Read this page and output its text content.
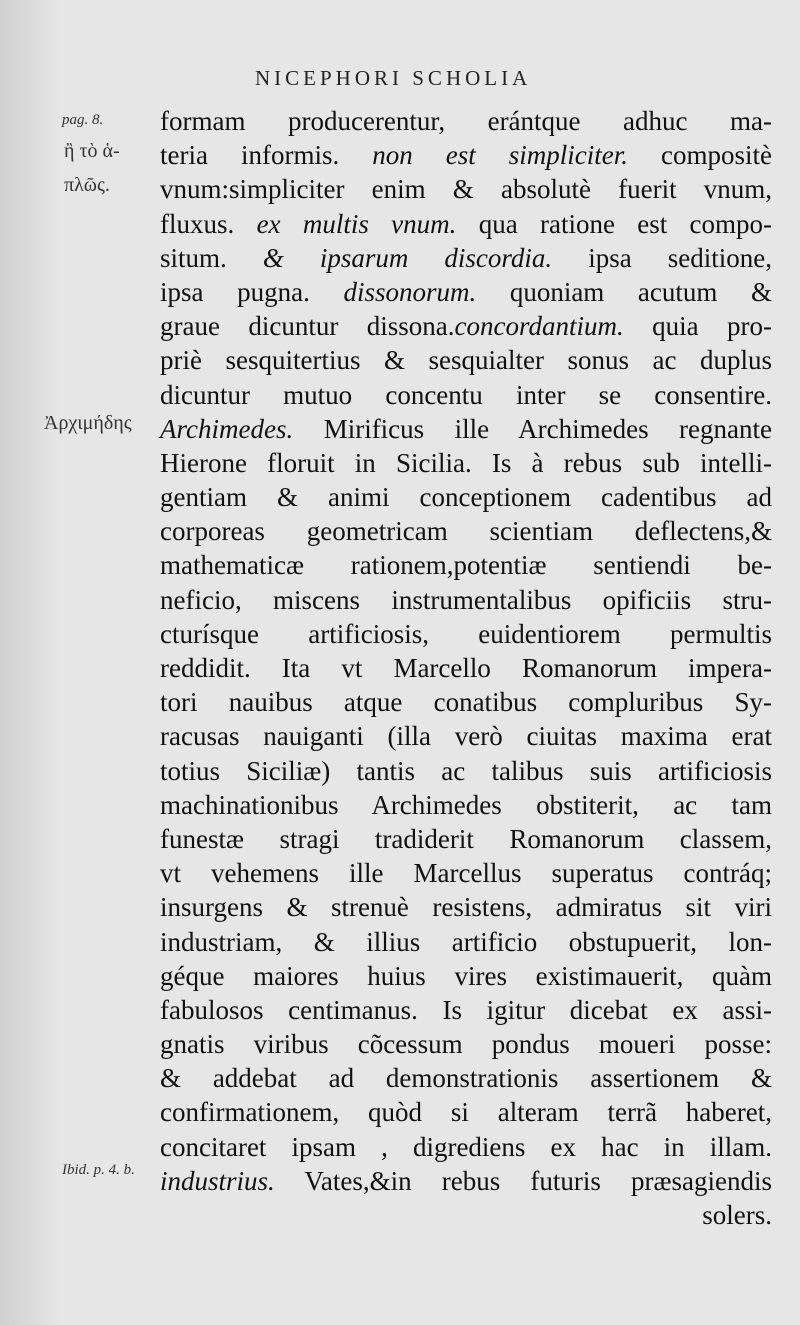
NICEPHORI SCHOLIA
pag. 8.
ἢ τὸ ἁ-
πλῶς.
Ἀρχιμήδης
Ibid. p. 4. b.
formam producerentur, erántque adhuc ma-
teria informis. non est simpliciter. compositè
vnum:simpliciter enim & absolutè fuerit vnum,
fluxus. ex multis vnum. qua ratione est compo-
situm. & ipsarum discordia. ipsa seditione,
ipsa pugna. dissonorum. quoniam acutum &
graue dicuntur dissona.concordantium. quia pro-
priè sesquitertius & sesquialter sonus ac duplus
dicuntur mutuo concentu inter se consentire.
Archimedes. Mirificus ille Archimedes regnante
Hierone floruit in Sicilia. Is à rebus sub intelli-
gentiam & animi conceptionem cadentibus ad
corporeas geometricam scientiam deflectens,&
mathematicæ rationem,potentiæ sentiendi be-
neficio, miscens instrumentalibus opificiis stru-
cturísque artificiosis, euidentiorem permultis
reddidit. Ita vt Marcello Romanorum impera-
tori nauibus atque conatibus compluribus Sy-
racusas nauiganti (illa verò ciuitas maxima erat
totius Siciliæ) tantis ac talibus suis artificiosis
machinationibus Archimedes obstiterit, ac tam
funestæ stragi tradiderit Romanorum classem,
vt vehemens ille Marcellus superatus contráq;
insurgens & strenuè resistens, admiratus sit viri
industriam, & illius artificio obstupuerit, lon-
géque maiores huius vires existimauerit, quàm
fabulosos centimanus. Is igitur dicebat ex assi-
gnatis viribus cõcessum pondus moueri posse:
& addebat ad demonstrationis assertionem &
confirmationem, quòd si alteram terrã haberet,
concitaret ipsam , digrediens ex hac in illam.
industrius. Vates,&in rebus futuris præsagiendis
solers.
